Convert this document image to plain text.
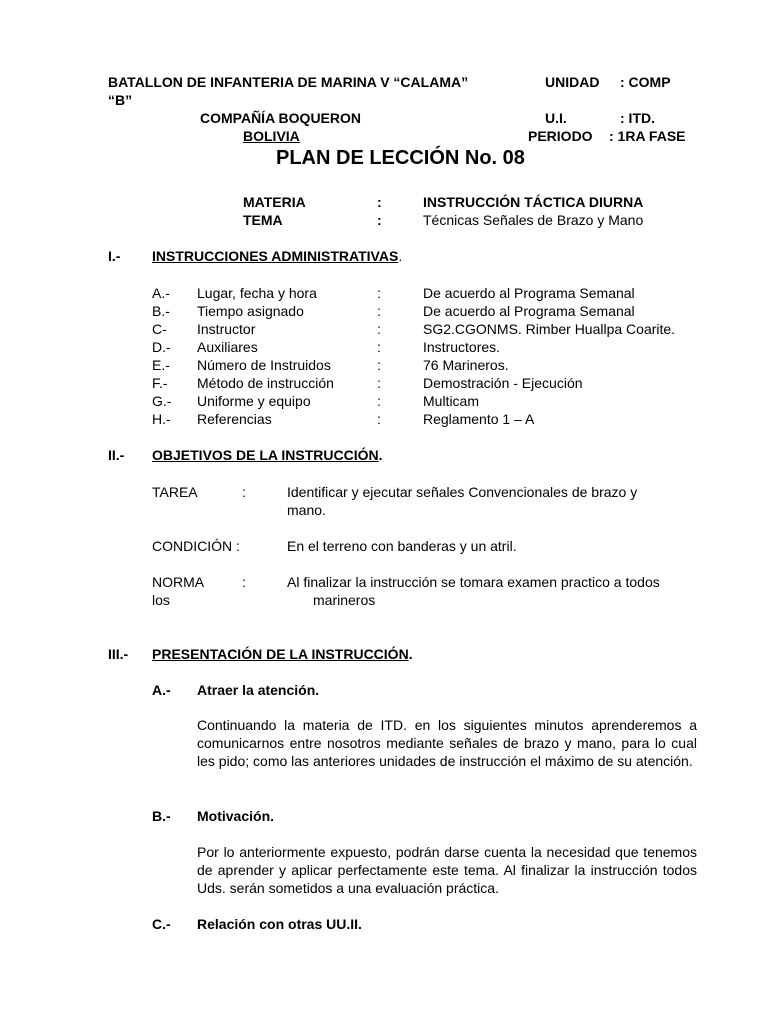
BATALLON DE INFANTERIA DE MARINA V “CALAMA”	UNIDAD : COMP
“B”
COMPAÑÍA BOQUERON	U.I.	: ITD.
BOLIVIA	PERIODO : 1RA FASE
PLAN DE LECCIÓN No. 08
MATERIA	:	INSTRUCCIÓN TÁCTICA DIURNA
TEMA	:	Técnicas Señales de Brazo y Mano
I.- INSTRUCCIONES ADMINISTRATIVAS.
A.- Lugar, fecha y hora	:	De acuerdo al Programa Semanal
B.- Tiempo asignado	:	De acuerdo al Programa Semanal
C- Instructor	:	SG2.CGONMS. Rimber Huallpa Coarite.
D.- Auxiliares	:	Instructores.
E.- Número de Instruidos	:	76 Marineros.
F.- Método de instrucción	:	Demostración - Ejecución
G.- Uniforme y equipo	:	Multicam
H.- Referencias	:	Reglamento 1 – A
II.- OBJETIVOS DE LA INSTRUCCIÓN.
TAREA	:	Identificar y ejecutar señales Convencionales de brazo y
mano.
CONDICIÓN :	En el terreno con banderas y un atril.
NORMA	:	Al finalizar la instrucción se tomara examen practico a todos
los	marineros
III.- PRESENTACIÓN DE LA INSTRUCCIÓN.
A.- Atraer la atención.
Continuando la materia de ITD. en los siguientes minutos aprenderemos a comunicarnos entre nosotros mediante señales de brazo y mano, para lo cual les pido; como las anteriores unidades de instrucción el máximo de su atención.
B.- Motivación.
Por lo anteriormente expuesto, podrán darse cuenta la necesidad que tenemos de aprender y aplicar perfectamente este tema. Al finalizar la instrucción todos Uds. serán sometidos a una evaluación práctica.
C.- Relación con otras UU.II.
